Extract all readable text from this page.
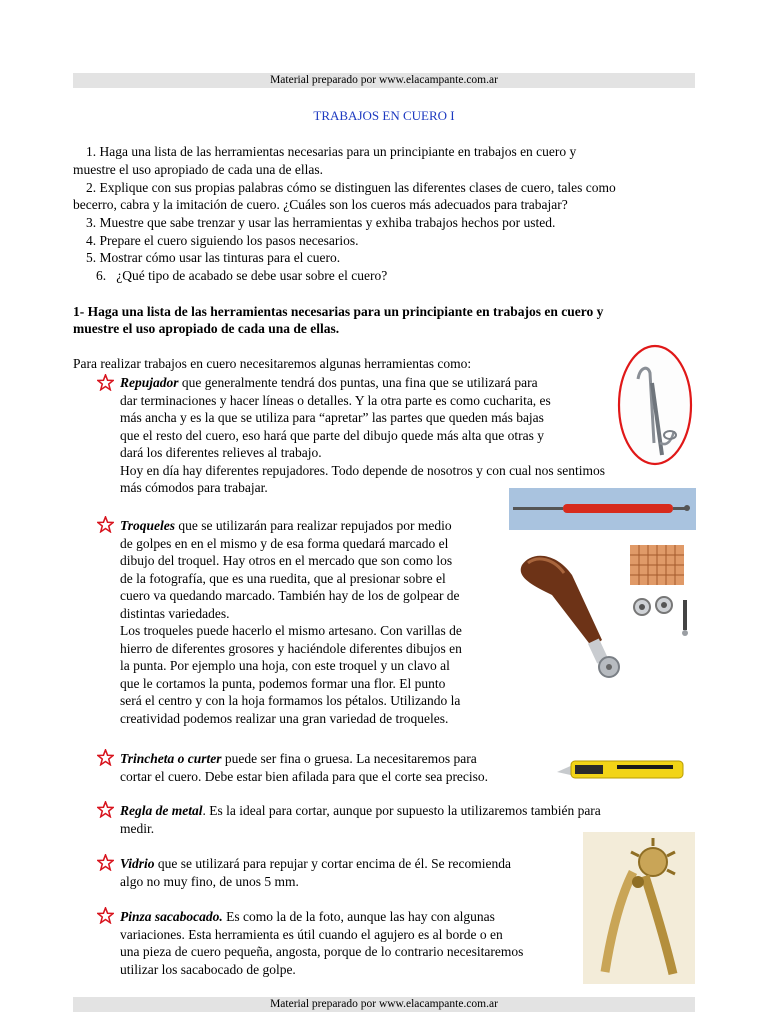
Material preparado por www.elacampante.com.ar
TRABAJOS EN CUERO I
1. Haga una lista de las herramientas necesarias para un principiante en trabajos en cuero y
muestre el uso apropiado de cada una de ellas.
2. Explique con sus propias palabras cómo se distinguen las diferentes clases de cuero, tales como
becerro, cabra y la imitación de cuero. ¿Cuáles son los cueros más adecuados para trabajar?
3. Muestre que sabe trenzar y usar las herramientas y exhiba trabajos hechos por usted.
4. Prepare el cuero siguiendo los pasos necesarios.
5. Mostrar cómo usar las tinturas para el cuero.
6. ¿Qué tipo de acabado se debe usar sobre el cuero?
1- Haga una lista de las herramientas necesarias para un principiante en trabajos en cuero y
muestre el uso apropiado de cada una de ellas.
Para realizar trabajos en cuero necesitaremos algunas herramientas como:
Repujador que generalmente tendrá dos puntas, una fina que se utilizará para
dar terminaciones y hacer líneas o detalles. Y la otra parte es como cucharita, es
más ancha y es la que se utiliza para “apretar” las partes que queden más bajas
que el resto del cuero, eso hará que parte del dibujo quede más alta que otras y
dará los diferentes relieves al trabajo.
Hoy en día hay diferentes repujadores. Todo depende de nosotros y con cual nos sentimos
más cómodos para trabajar.
Troqueles que se utilizarán para realizar repujados por medio
de golpes en en el mismo y de esa forma quedará marcado el
dibujo del troquel. Hay otros en el mercado que son como los
de la fotografía, que es una ruedita, que al presionar sobre el
cuero va quedando marcado. También hay de los de golpear de
distintas variedades.
Los troqueles puede hacerlo el mismo artesano. Con varillas de
hierro de diferentes grosores y haciéndole diferentes dibujos en
la punta. Por ejemplo una hoja, con este troquel y un clavo al
que le cortamos la punta, podemos formar una flor. El punto
será el centro y con la hoja formamos los pétalos. Utilizando la
creatividad podemos realizar una gran variedad de troqueles.
Trincheta o curter puede ser fina o gruesa. La necesitaremos para
cortar el cuero. Debe estar bien afilada para que el corte sea preciso.
Regla de metal. Es la ideal para cortar, aunque por supuesto la utilizaremos también para
medir.
Vidrio que se utilizará para repujar y cortar encima de él. Se recomienda
algo no muy fino, de unos 5 mm.
Pinza sacabocado. Es como la de la foto, aunque las hay con algunas
variaciones. Esta herramienta es útil cuando el agujero es al borde o en
una pieza de cuero pequeña, angosta, porque de lo contrario necesitaremos
utilizar los sacabocado de golpe.
Material preparado por www.elacampante.com.ar
